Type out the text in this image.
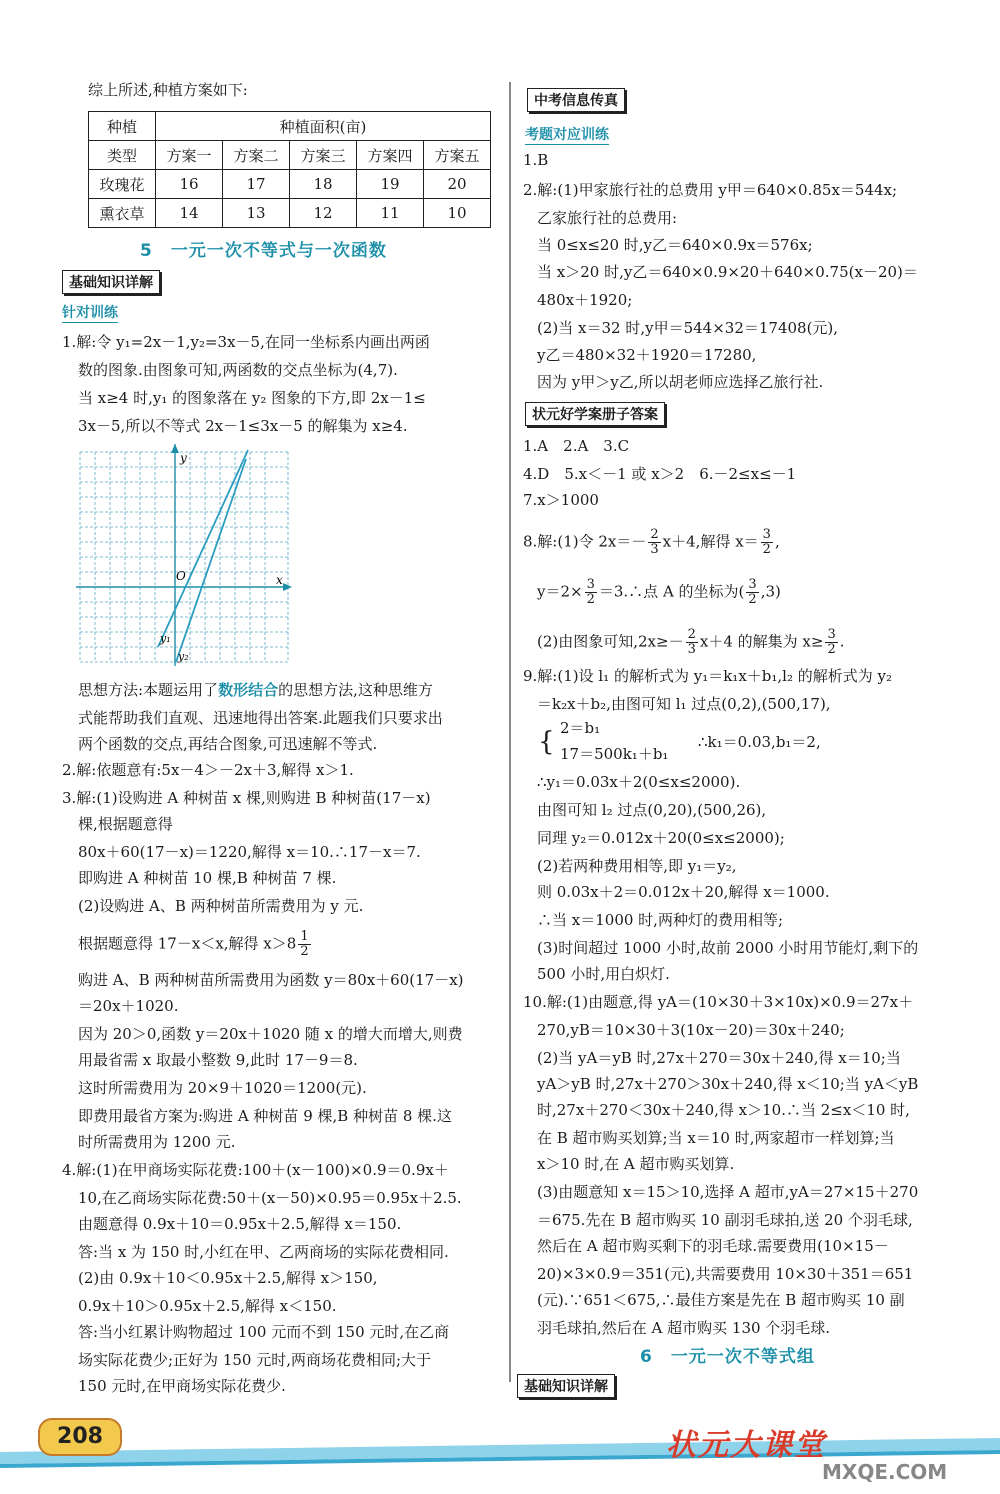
综上所述,种植方案如下:
种植	种植面积(亩)				
类型	方案一	方案二	方案三	方案四	方案五
玫瑰花	16	17	18	19	20
熏衣草	14	13	12	11	10
5　一元一次不等式与一次函数
基础知识详解
针对训练
1.解:令 y₁=2x－1,y₂=3x－5,在同一坐标系内画出两函
数的图象.由图象可知,两函数的交点坐标为(4,7).
当 x≥4 时,y₁ 的图象落在 y₂ 图象的下方,即 2x－1≤
3x－5,所以不等式 2x－1≤3x－5 的解集为 x≥4.
y
x
O
y₁
y₂
思想方法:本题运用了数形结合的思想方法,这种思维方
式能帮助我们直观、迅速地得出答案.此题我们只要求出
两个函数的交点,再结合图象,可迅速解不等式.
2.解:依题意有:5x－4＞－2x＋3,解得 x＞1.
3.解:(1)设购进 A 种树苗 x 棵,则购进 B 种树苗(17－x)
棵,根据题意得
80x＋60(17－x)＝1220,解得 x＝10.∴17－x＝7.
即购进 A 种树苗 10 棵,B 种树苗 7 棵.
(2)设购进 A、B 两种树苗所需费用为 y 元.
根据题意得 17－x＜x,解得 $x>8 \frac{1}{2}$
购进 A、B 两种树苗所需费用为函数 y＝80x＋60(17－x)
＝20x＋1020.
因为 20＞0,函数 y＝20x＋1020 随 x 的增大而增大,则费
用最省需 x 取最小整数 9,此时 17－9＝8.
这时所需费用为 20×9＋1020＝1200(元).
即费用最省方案为:购进 A 种树苗 9 棵,B 种树苗 8 棵.这
时所需费用为 1200 元.
4.解:(1)在甲商场实际花费:100＋(x－100)×0.9＝0.9x＋
10,在乙商场实际花费:50＋(x－50)×0.95＝0.95x＋2.5.
由题意得 0.9x＋10＝0.95x＋2.5,解得 x＝150.
答:当 x 为 150 时,小红在甲、乙两商场的实际花费相同.
(2)由 0.9x＋10＜0.95x＋2.5,解得 x＞150,
0.9x＋10＞0.95x＋2.5,解得 x＜150.
答:当小红累计购物超过 100 元而不到 150 元时,在乙商
场实际花费少;正好为 150 元时,两商场花费相同;大于
150 元时,在甲商场实际花费少.
中考信息传真
考题对应训练
1.B
2.解:(1)甲家旅行社的总费用 y甲＝640×0.85x＝544x;
乙家旅行社的总费用:
当 0≤x≤20 时,y乙＝640×0.9x＝576x;
当 x＞20 时,y乙＝640×0.9×20＋640×0.75(x－20)＝
480x＋1920;
(2)当 x＝32 时,y甲＝544×32＝17408(元),
y乙＝480×32＋1920＝17280,
因为 y甲＞y乙,所以胡老师应选择乙旅行社.
状元好学案册子答案
1.A　2.A　3.C
4.D　5.x＜－1 或 x＞2　6.－2≤x≤－1
7.x＞1000
8.解:(1)令 $2x=- \frac{2}{3} x+4$,解得 $x= \frac{3}{2}$ ,
$y=2\times \frac{3}{2}$ ＝3.∴点 A 的坐标为( $\frac{3}{2} ,3$)
(2)由图象可知$,2x\ge- \frac{2}{3} x+4$ 的解集为 $x\ge \frac{3}{2}$ .
9.解:(1)设 l₁ 的解析式为 y₁＝k₁x＋b₁,l₂ 的解析式为 y₂
＝k₂x＋b₂,由图可知 l₁ 过点(0,2),(500,17),
{ 2＝b₁
17＝500k₁＋b₁
∴k₁＝0.03,b₁＝2,
∴y₁＝0.03x＋2(0≤x≤2000).
由图可知 l₂ 过点(0,20),(500,26),
同理 y₂＝0.012x＋20(0≤x≤2000);
(2)若两种费用相等,即 y₁＝y₂,
则 0.03x＋2＝0.012x＋20,解得 x＝1000.
∴当 x＝1000 时,两种灯的费用相等;
(3)时间超过 1000 小时,故前 2000 小时用节能灯,剩下的
500 小时,用白炽灯.
10.解:(1)由题意,得 yA＝(10×30＋3×10x)×0.9＝27x＋
270,yB＝10×30＋3(10x－20)＝30x＋240;
(2)当 yA＝yB 时,27x＋270＝30x＋240,得 x＝10;当
yA＞yB 时,27x＋270＞30x＋240,得 x＜10;当 yA＜yB
时,27x＋270＜30x＋240,得 x＞10.∴当 2≤x＜10 时,
在 B 超市购买划算;当 x＝10 时,两家超市一样划算;当
x＞10 时,在 A 超市购买划算.
(3)由题意知 x＝15＞10,选择 A 超市,yA＝27×15＋270
＝675.先在 B 超市购买 10 副羽毛球拍,送 20 个羽毛球,
然后在 A 超市购买剩下的羽毛球.需要费用(10×15－
20)×3×0.9＝351(元),共需要费用 10×30＋351＝651
(元).∵651＜675,∴最佳方案是先在 B 超市购买 10 副
羽毛球拍,然后在 A 超市购买 130 个羽毛球.
6　一元一次不等式组
基础知识详解
208	状元大课堂
MXQE.COM
